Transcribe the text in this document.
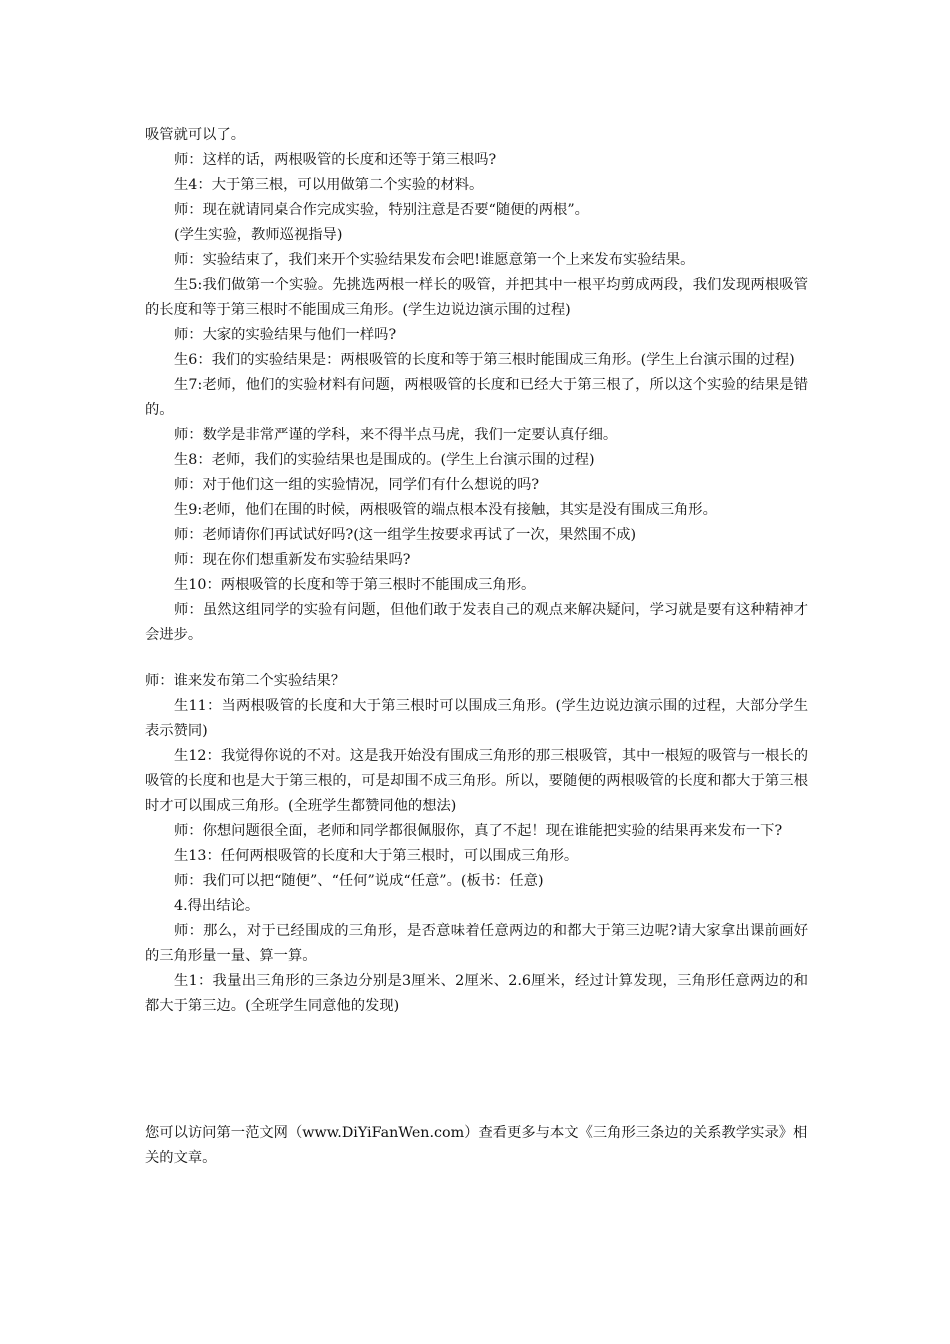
吸管就可以了。

师：这样的话，两根吸管的长度和还等于第三根吗?

生4：大于第三根，可以用做第二个实验的材料。

师：现在就请同桌合作完成实验，特别注意是否要“随便的两根”。

(学生实验，教师巡视指导)

师：实验结束了，我们来开个实验结果发布会吧!谁愿意第一个上来发布实验结果。

生5:我们做第一个实验。先挑选两根一样长的吸管，并把其中一根平均剪成两段，我们发现两根吸管的长度和等于第三根时不能围成三角形。(学生边说边演示围的过程)

师：大家的实验结果与他们一样吗?

生6：我们的实验结果是：两根吸管的长度和等于第三根时能围成三角形。(学生上台演示围的过程)

生7:老师，他们的实验材料有问题，两根吸管的长度和已经大于第三根了，所以这个实验的结果是错的。

师：数学是非常严谨的学科，来不得半点马虎，我们一定要认真仔细。

生8：老师，我们的实验结果也是围成的。(学生上台演示围的过程)

师：对于他们这一组的实验情况，同学们有什么想说的吗?

生9:老师，他们在围的时候，两根吸管的端点根本没有接触，其实是没有围成三角形。

师：老师请你们再试试好吗?(这一组学生按要求再试了一次，果然围不成)

师：现在你们想重新发布实验结果吗?

生10：两根吸管的长度和等于第三根时不能围成三角形。

师：虽然这组同学的实验有问题，但他们敢于发表自己的观点来解决疑问，学习就是要有这种精神才会进步。

师：谁来发布第二个实验结果？

生11：当两根吸管的长度和大于第三根时可以围成三角形。(学生边说边演示围的过程，大部分学生表示赞同)

生12：我觉得你说的不对。这是我开始没有围成三角形的那三根吸管，其中一根短的吸管与一根长的吸管的长度和也是大于第三根的，可是却围不成三角形。所以，要随便的两根吸管的长度和都大于第三根时才可以围成三角形。(全班学生都赞同他的想法)

师：你想问题很全面，老师和同学都很佩服你，真了不起！现在谁能把实验的结果再来发布一下?

生13：任何两根吸管的长度和大于第三根时，可以围成三角形。

师：我们可以把“随便”、“任何”说成“任意”。(板书：任意)

4.得出结论。

师：那么，对于已经围成的三角形，是否意味着任意两边的和都大于第三边呢?请大家拿出课前画好的三角形量一量、算一算。

生1：我量出三角形的三条边分别是3厘米、2厘米、2.6厘米，经过计算发现，三角形任意两边的和都大于第三边。(全班学生同意他的发现)

您可以访问第一范文网（www.DiYiFanWen.com）查看更多与本文《三角形三条边的关系教学实录》相关的文章。
